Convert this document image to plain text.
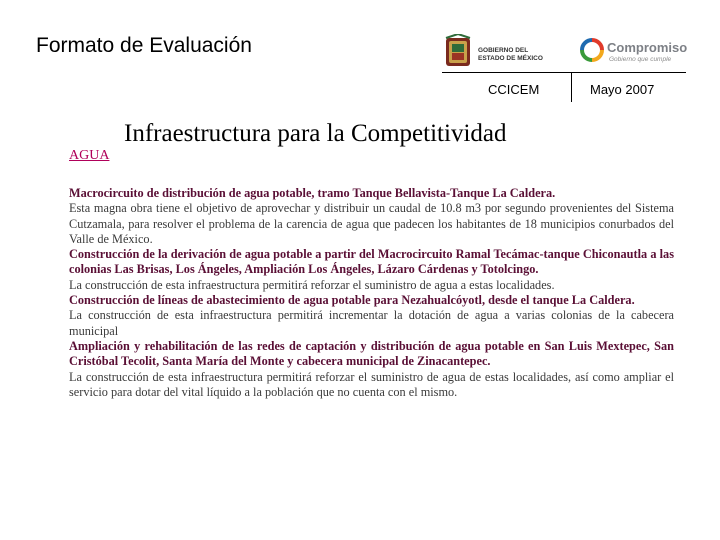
Formato de Evaluación	GOBIERNO DEL
ESTADO DE MÉXICO
Compromiso
Gobierno que cumple
CCICEM	Mayo 2007
Infraestructura para la Competitividad
AGUA
Macrocircuito de distribución de agua potable, tramo Tanque Bellavista-Tanque La Caldera.
Esta magna obra tiene el objetivo de aprovechar y distribuir un caudal de 10.8 m3 por segundo provenientes del Sistema Cutzamala, para resolver el problema de la carencia de agua que padecen los habitantes de 18 municipios conurbados del Valle de México.
Construcción de la derivación de agua potable a partir del Macrocircuito Ramal Tecámac-tanque Chiconautla a las colonias Las Brisas, Los Ángeles, Ampliación Los Ángeles, Lázaro Cárdenas y Totolcingo.
La construcción de esta infraestructura permitirá reforzar el suministro de agua a estas localidades.
Construcción de líneas de abastecimiento de agua potable para Nezahualcóyotl, desde el tanque La Caldera.
La construcción de esta infraestructura permitirá incrementar la dotación de agua a varias colonias de la cabecera municipal
Ampliación y rehabilitación de las redes de captación y distribución de agua potable en San Luis Mextepec, San Cristóbal Tecolit, Santa María del Monte y cabecera municipal de Zinacantepec.
La construcción de esta infraestructura permitirá reforzar el suministro de agua de estas localidades, así como ampliar el servicio para dotar del vital líquido a la población que no cuenta con el mismo.
